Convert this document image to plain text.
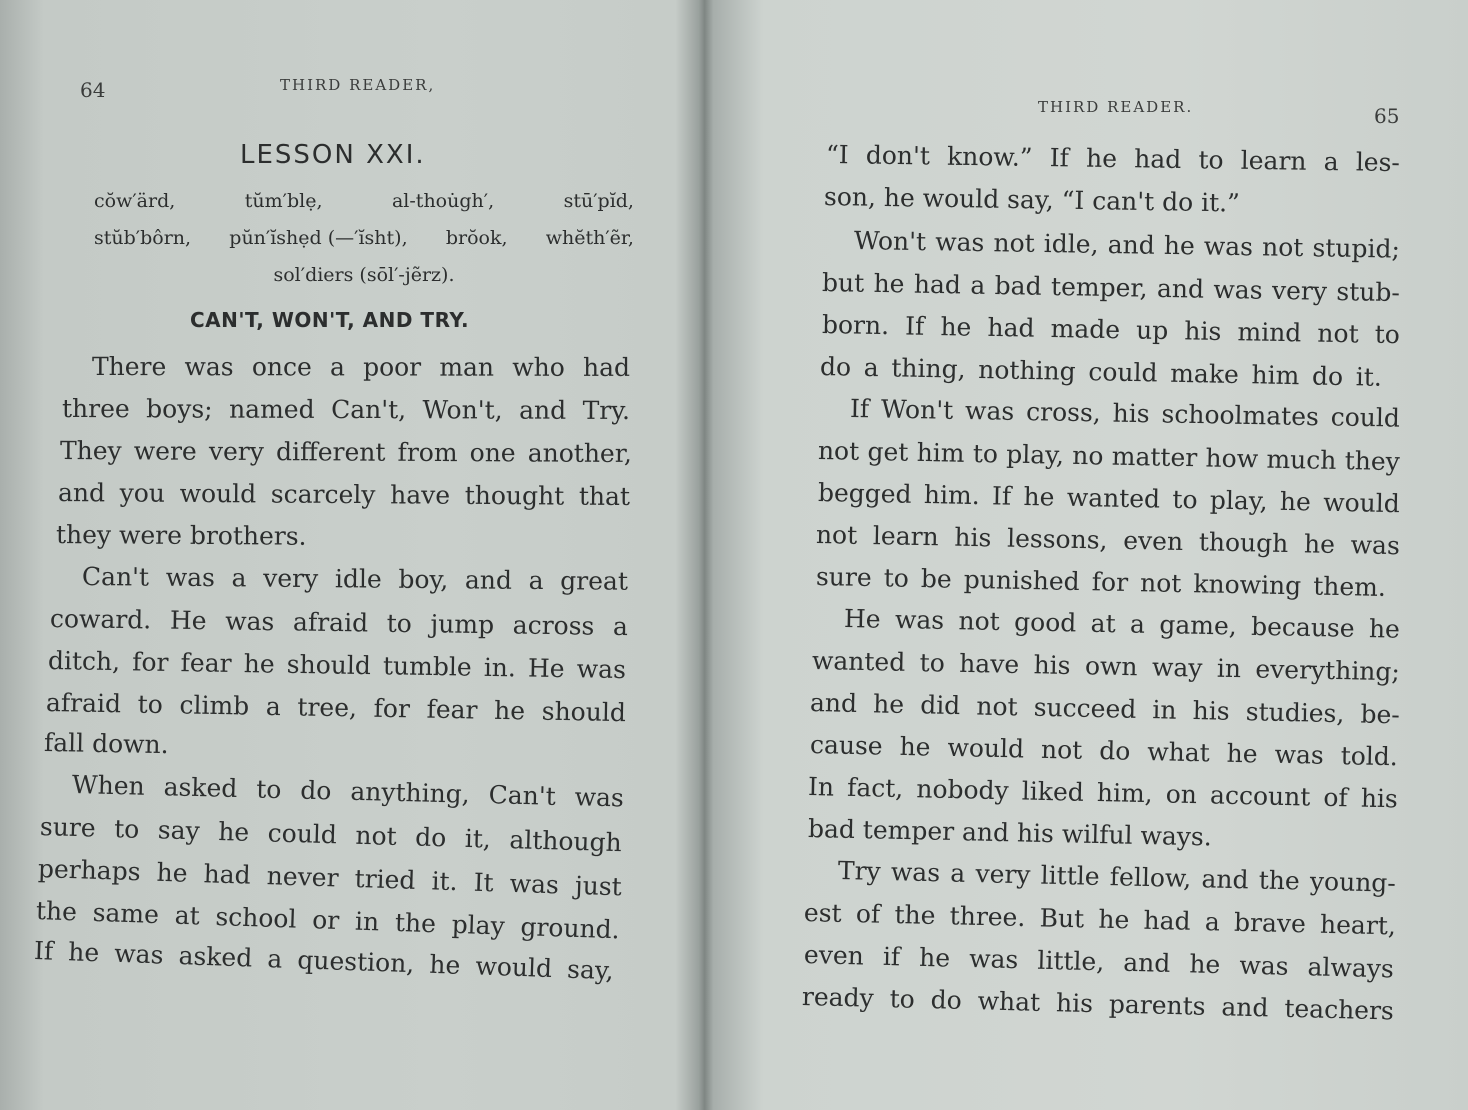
64	THIRD READER,
LESSON XXI.
cŏw′ärd,	tŭm′blẹ,	al-thou̇gh′,	stū′pĭd,
stŭb′bôrn, pŭn′ĭshẹd (—′ĭsht), brŏok, whĕth′ẽr,
sol′diers (sōl′-jẽrz).
CAN'T, WON'T, AND TRY.
There was once a poor man who had
three boys; named Can't, Won't, and Try.
They were very different from one another,
and you would scarcely have thought that
they were brothers.
Can't was a very idle boy, and a great
coward. He was afraid to jump across a
ditch, for fear he should tumble in. He was
afraid to climb a tree, for fear he should
fall down.
When asked to do anything, Can't was
sure to say he could not do it, although
perhaps he had never tried it. It was just
the same at school or in the play ground.
If he was asked a question, he would say,
THIRD READER.	65
“I don't know.” If he had to learn a les-
son, he would say, “I can't do it.”
Won't was not idle, and he was not stupid;
but he had a bad temper, and was very stub-
born. If he had made up his mind not to
do a thing, nothing could make him do it.
If Won't was cross, his schoolmates could
not get him to play, no matter how much they
begged him. If he wanted to play, he would
not learn his lessons, even though he was
sure to be punished for not knowing them.
He was not good at a game, because he
wanted to have his own way in everything;
and he did not succeed in his studies, be-
cause he would not do what he was told.
In fact, nobody liked him, on account of his
bad temper and his wilful ways.
Try was a very little fellow, and the young-
est of the three. But he had a brave heart,
even if he was little, and he was always
ready to do what his parents and teachers
